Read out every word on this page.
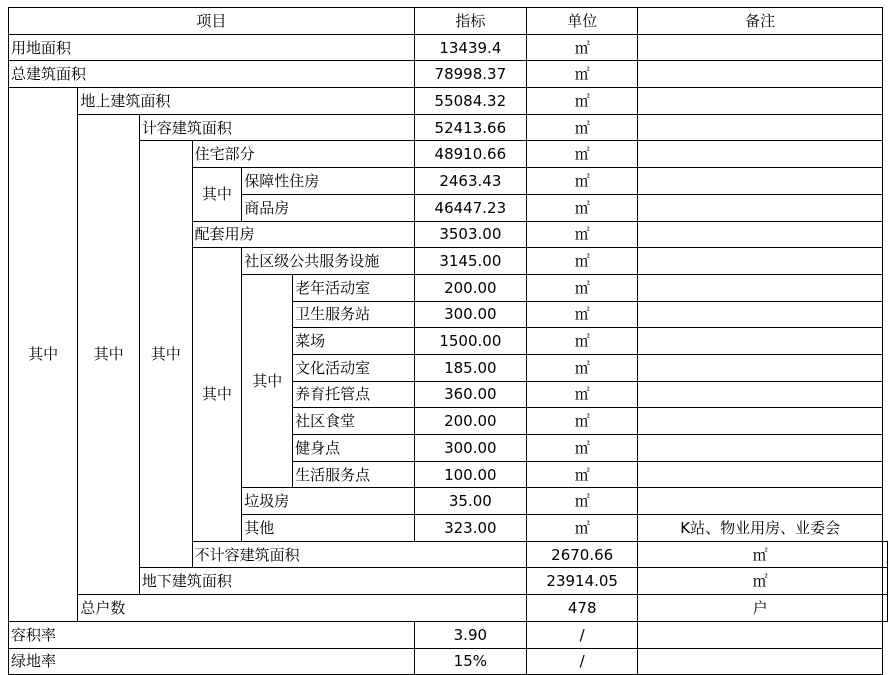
项目						指标	单位	备注	
用地面积						13439.4	㎡		
总建筑面积						78998.37	㎡		
其中	地上建筑面积					55084.32	㎡		
	其中	计容建筑面积				52413.66	㎡		
		其中	住宅部分			48910.66	㎡		
			其中	保障性住房		2463.43	㎡		
				商品房		46447.23	㎡		
			配套用房			3503.00	㎡		
			其中	社区级公共服务设施		3145.00	㎡		
				其中	老年活动室	200.00	㎡		
					卫生服务站	300.00	㎡		
					菜场	1500.00	㎡		
					文化活动室	185.00	㎡		
					养育托管点	360.00	㎡		
					社区食堂	200.00	㎡		
					健身点	300.00	㎡		
					生活服务点	100.00	㎡		
				垃圾房		35.00	㎡		
				其他		323.00	㎡	K站、物业用房、业委会	
			不计容建筑面积				2670.66	㎡	
		地下建筑面积					23914.05	㎡	
	总户数						478	户	
容积率						3.90	/		
绿地率						15%	/		
